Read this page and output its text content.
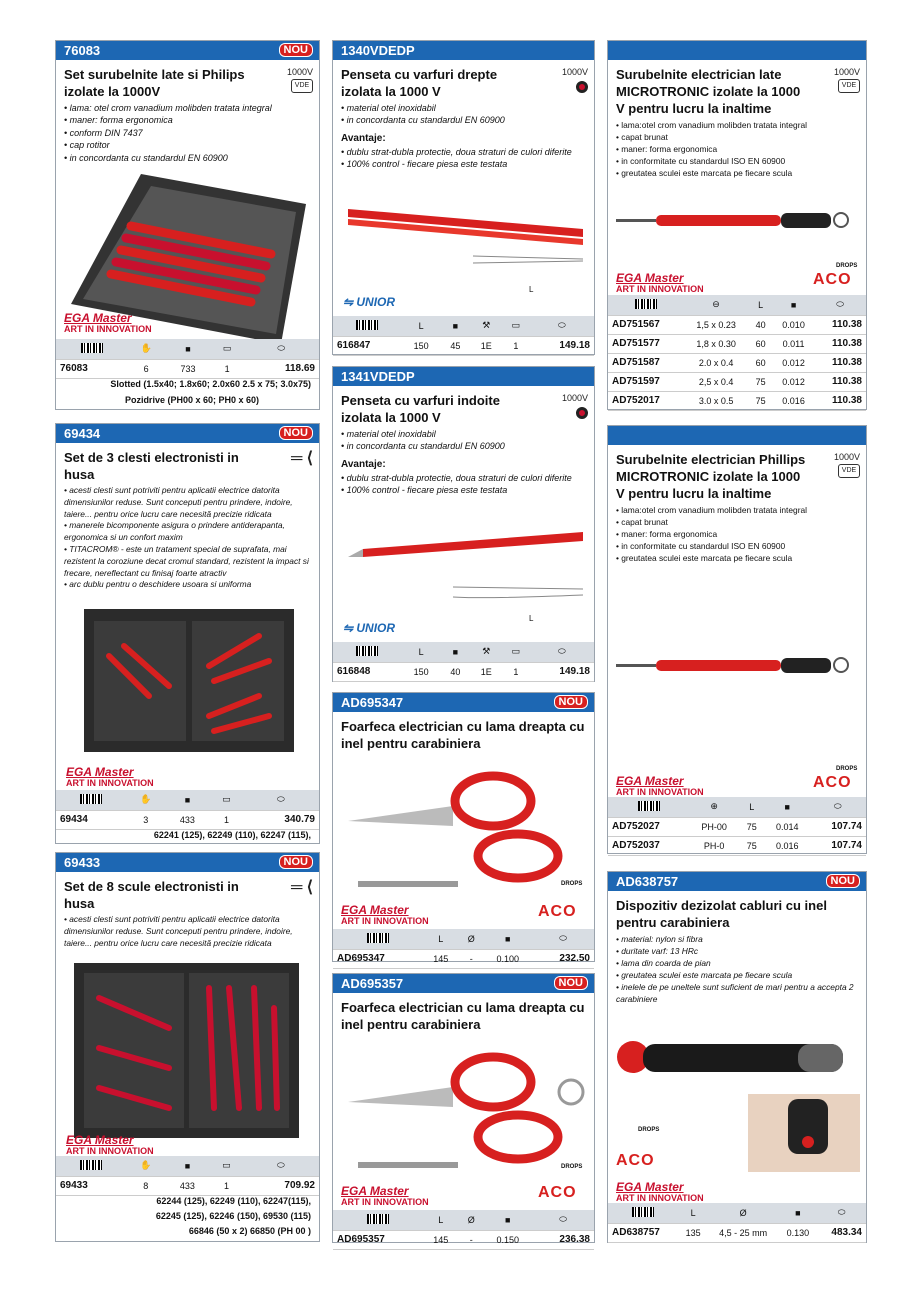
76083	NOU
Set surubelnite late si Philips izolate la 1000V
1000V
VDE
• lama: otel crom vanadium molibden tratata integral
• maner: forma ergonomica
• conform DIN 7437
• cap rotitor
• in concordanta cu standardul EN 60900
EGA Master
ART IN INNOVATION
	✋	■	▭	⬭
76083	6	733	1	118.69
Slotted (1.5x40; 1.8x60; 2.0x60 2.5 x 75; 3.0x75)
Pozidrive (PH00 x 60; PH0 x 60)
69434	NOU
Set de 3 clesti electronisti in husa
═ ⟨
• acesti clesti sunt potriviti pentru aplicatii electrice datorita dimensiunilor reduse. Sunt conceputi pentru prindere, indoire, taiere... pentru orice lucru care necesită precizie ridicata
• manerele bicomponente asigura o prindere antiderapanta, ergonomica si un confort maxim
• TITACROM® - este un tratament special de suprafata, mai rezistent la coroziune decat cromul standard, rezistent la impact si frecare, nereflectant cu finisaj foarte atractiv
• arc dublu pentru o deschidere usoara si uniforma
EGA Master
ART IN INNOVATION
	✋	■	▭	⬭
69434	3	433	1	340.79
62241 (125), 62249 (110), 62247 (115),
69433	NOU
Set de 8 scule electronisti in husa
═ ⟨
• acesti clesti sunt potriviti pentru aplicatii electrice datorita dimensiunilor reduse. Sunt conceputi pentru prindere, indoire, taiere... pentru orice lucru care necesită precizie ridicata
EGA Master
ART IN INNOVATION
	✋	■	▭	⬭
69433	8	433	1	709.92
62244 (125), 62249 (110), 62247(115),
62245 (125), 62246 (150), 69530 (115)
66846 (50 x 2) 66850 (PH 00 )
1340VDEDP
Penseta cu varfuri drepte izolata la 1000 V
1000V

• material otel inoxidabil
• in concordanta cu standardul EN 60900
Avantaje:
• dublu strat-dubla protectie, doua straturi de culori diferite
• 100% control - fiecare piesa este testata
⇋ UNIOR
L
	L	■	⚒	▭	⬭
616847	150	45	1E	1	149.18
1341VDEDP
Penseta cu varfuri indoite izolata la 1000 V
1000V

• material otel inoxidabil
• in concordanta cu standardul EN 60900
Avantaje:
• dublu strat-dubla protectie, doua straturi de culori diferite
• 100% control - fiecare piesa este testata
⇋ UNIOR
L
	L	■	⚒	▭	⬭
616848	150	40	1E	1	149.18
AD695347	NOU
Foarfeca electrician cu lama dreapta cu inel pentru carabiniera
EGA Master
ART IN INNOVATION
ACO
DROPS
	L	Ø	■	⬭
AD695347	145	-	0.100	232.50
AD695357	NOU
Foarfeca electrician cu lama dreapta cu inel pentru carabiniera
EGA Master
ART IN INNOVATION
ACO
DROPS
	L	Ø	■	⬭
AD695357	145	-	0.150	236.38
Surubelnite electrician late MICROTRONIC izolate la 1000 V pentru lucru la inaltime
1000V
VDE
• lama:otel crom vanadium molibden tratata integral
• capat brunat
• maner: forma ergonomica
• in conformitate cu standardul ISO EN 60900
• greutatea sculei este marcata pe fiecare scula
EGA Master
ART IN INNOVATION
ACO
DROPS
	⊖	L	■	⬭
AD751567	1,5 x 0.23	40	0.010	110.38
AD751577	1,8 x 0.30	60	0.011	110.38
AD751587	2.0 x 0.4	60	0.012	110.38
AD751597	2,5 x 0.4	75	0.012	110.38
AD752017	3.0 x 0.5	75	0.016	110.38
Surubelnite electrician Phillips MICROTRONIC izolate la 1000 V pentru lucru la inaltime
1000V
VDE
• lama:otel crom vanadium molibden tratata integral
• capat brunat
• maner: forma ergonomica
• in conformitate cu standardul ISO EN 60900
• greutatea sculei este marcata pe fiecare scula
EGA Master
ART IN INNOVATION
ACO
DROPS
	⊕	L	■	⬭
AD752027	PH-00	75	0.014	107.74
AD752037	PH-0	75	0.016	107.74
AD638757	NOU
Dispozitiv dezizolat cabluri cu inel pentru carabiniera
• material: nylon si fibra
• duritate varf: 13 HRc
• lama din coarda de pian
• greutatea sculei este marcata pe fiecare scula
• inelele de pe uneltele sunt suficient de mari pentru a accepta 2 carabiniere
DROPS
ACO
EGA Master
ART IN INNOVATION
	L	Ø	■	⬭
AD638757	135	4,5 - 25 mm	0.130	483.34
